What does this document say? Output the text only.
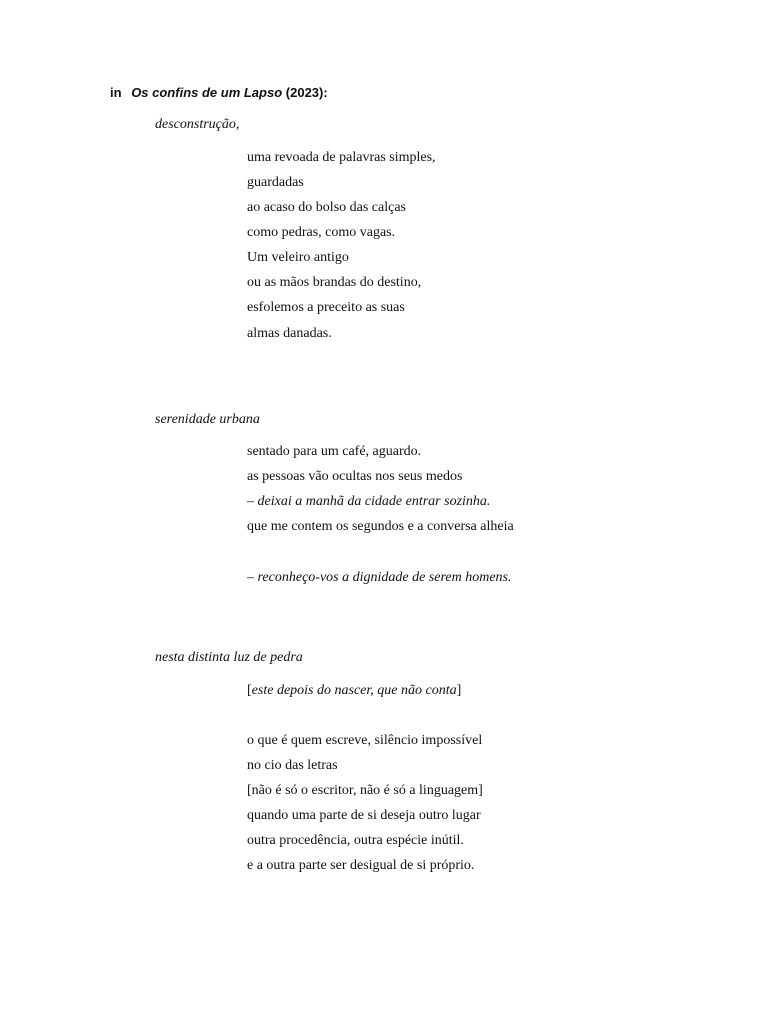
in Os confins de um Lapso (2023):
desconstrução,
uma revoada de palavras simples,
guardadas
ao acaso do bolso das calças
como pedras, como vagas.
Um veleiro antigo
ou as mãos brandas do destino,
esfolemos a preceito as suas
almas danadas.
serenidade urbana
sentado para um café, aguardo.
as pessoas vão ocultas nos seus medos
– deixai a manhã da cidade entrar sozinha.
que me contem os segundos e a conversa alheia
– reconheço-vos a dignidade de serem homens.
nesta distinta luz de pedra
[este depois do nascer, que não conta]
o que é quem escreve, silêncio impossível
no cio das letras
[não é só o escritor, não é só a linguagem]
quando uma parte de si deseja outro lugar
outra procedência, outra espécie inútil.
e a outra parte ser desigual de si próprio.
